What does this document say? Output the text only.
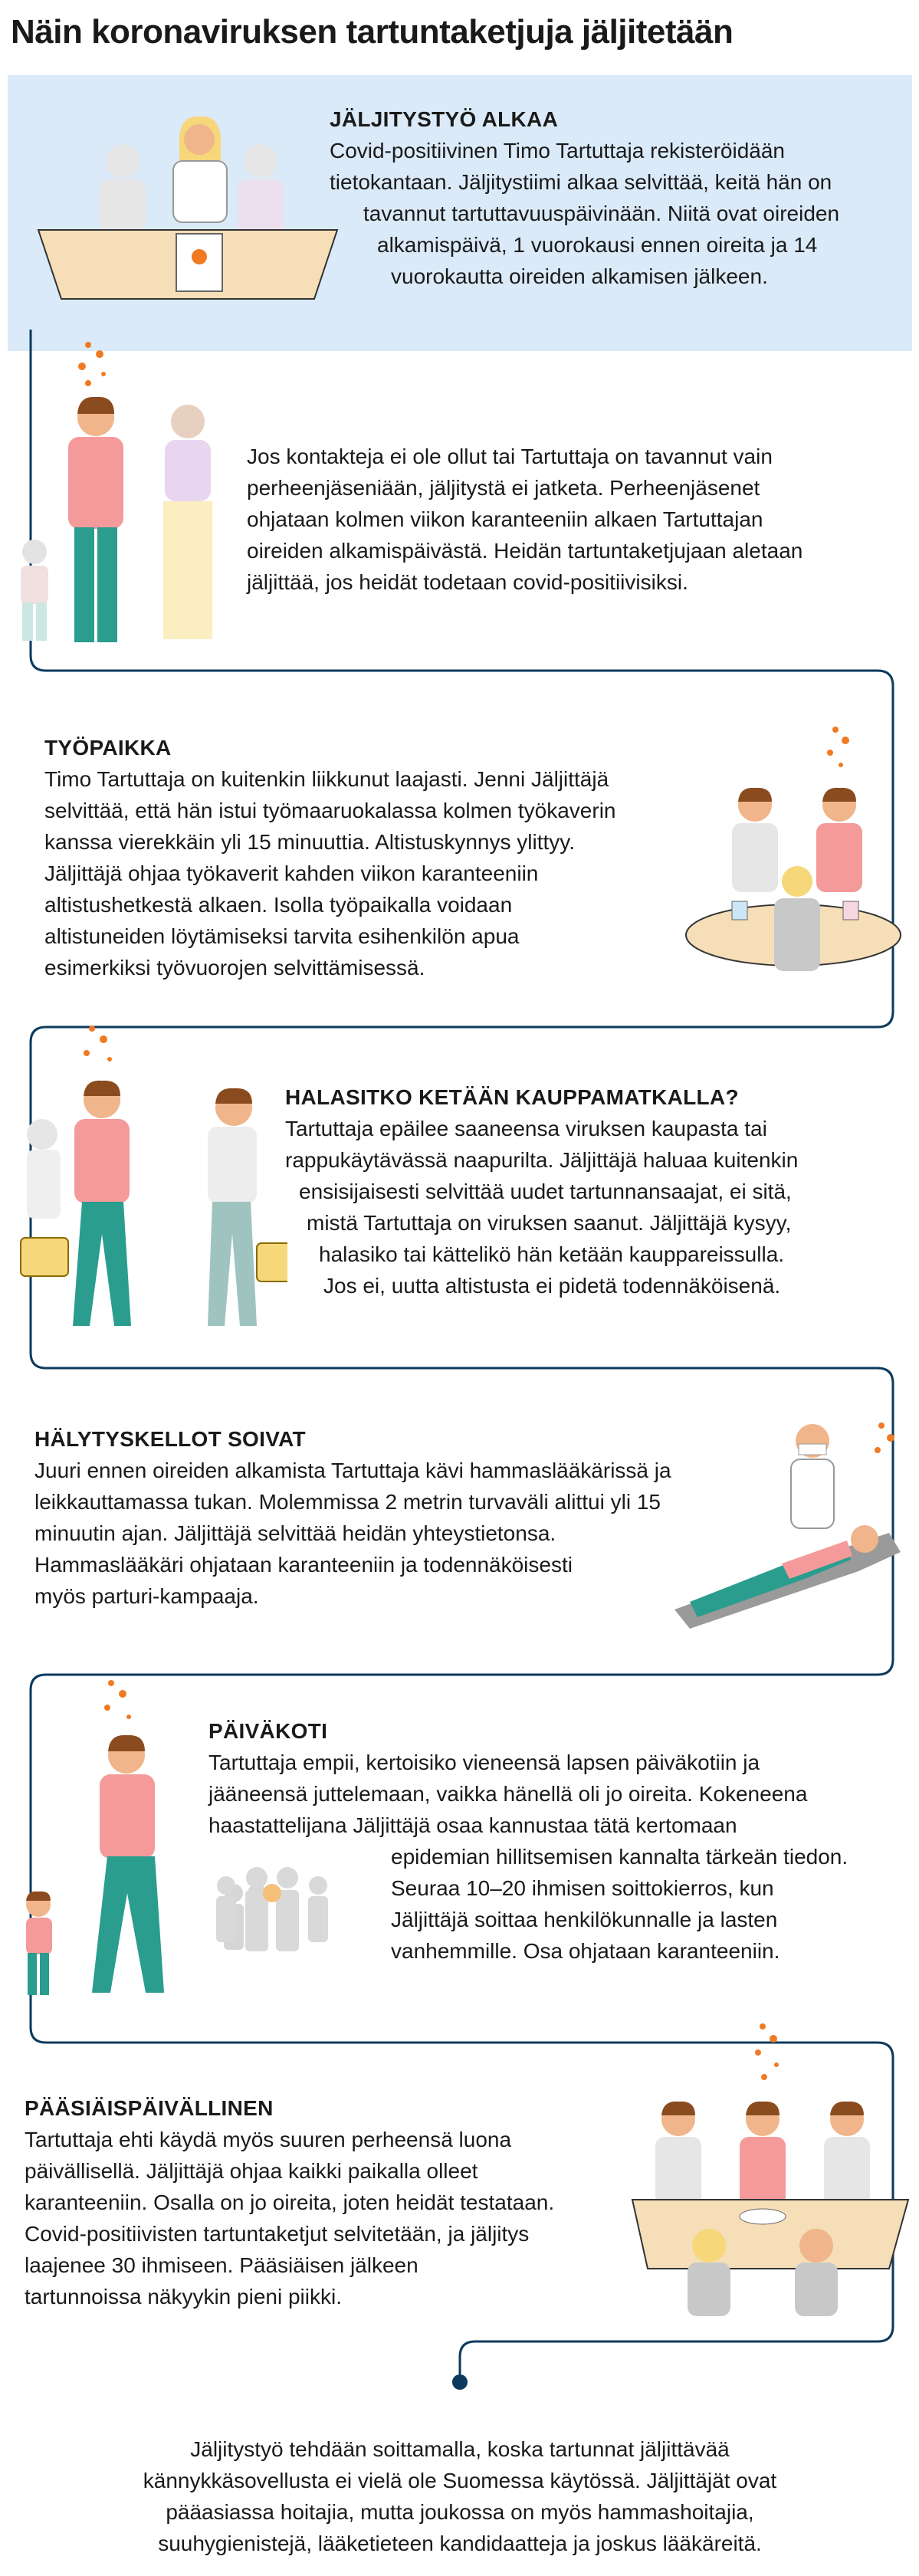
Näin koronaviruksen tartuntaketjuja jäljitetään
JÄLJITYSTYÖ ALKAA
Covid-positiivinen Timo Tartuttaja rekisteröidään
tietokantaan. Jäljitystiimi alkaa selvittää, keitä hän on
tavannut tartuttavuuspäivinään. Niitä ovat oireiden
alkamispäivä, 1 vuorokausi ennen oireita ja 14
vuorokautta oireiden alkamisen jälkeen.
Jos kontakteja ei ole ollut tai Tartuttaja on tavannut vain
perheenjäseniään, jäljitystä ei jatketa. Perheenjäsenet
ohjataan kolmen viikon karanteeniin alkaen Tartuttajan
oireiden alkamispäivästä. Heidän tartuntaketjujaan aletaan
jäljittää, jos heidät todetaan covid-positiivisiksi.
TYÖPAIKKA
Timo Tartuttaja on kuitenkin liikkunut laajasti. Jenni Jäljittäjä
selvittää, että hän istui työmaaruokalassa kolmen työkaverin
kanssa vierekkäin yli 15 minuuttia. Altistuskynnys ylittyy.
Jäljittäjä ohjaa työkaverit kahden viikon karanteeniin
altistushetkestä alkaen. Isolla työpaikalla voidaan
altistuneiden löytämiseksi tarvita esihenkilön apua
esimerkiksi työvuorojen selvittämisessä.
HALASITKO KETÄÄN KAUPPAMATKALLA?
Tartuttaja epäilee saaneensa viruksen kaupasta tai
rappukäytävässä naapurilta. Jäljittäjä haluaa kuitenkin
ensisijaisesti selvittää uudet tartunnansaajat, ei sitä,
mistä Tartuttaja on viruksen saanut. Jäljittäjä kysyy,
halasiko tai kättelikö hän ketään kauppareissulla.
Jos ei, uutta altistusta ei pidetä todennäköisenä.
HÄLYTYSKELLOT SOIVAT
Juuri ennen oireiden alkamista Tartuttaja kävi hammaslääkärissä ja
leikkauttamassa tukan. Molemmissa 2 metrin turvaväli alittui yli 15
minuutin ajan. Jäljittäjä selvittää heidän yhteystietonsa.
Hammaslääkäri ohjataan karanteeniin ja todennäköisesti
myös parturi-kampaaja.
PÄIVÄKOTI
Tartuttaja empii, kertoisiko vieneensä lapsen päiväkotiin ja
jääneensä juttelemaan, vaikka hänellä oli jo oireita. Kokeneena
haastattelijana Jäljittäjä osaa kannustaa tätä kertomaan
epidemian hillitsemisen kannalta tärkeän tiedon.
Seuraa 10–20 ihmisen soittokierros, kun
Jäljittäjä soittaa henkilökunnalle ja lasten
vanhemmille. Osa ohjataan karanteeniin.
PÄÄSIÄISPÄIVÄLLINEN
Tartuttaja ehti käydä myös suuren perheensä luona
päivällisellä. Jäljittäjä ohjaa kaikki paikalla olleet
karanteeniin. Osalla on jo oireita, joten heidät testataan.
Covid-positiivisten tartuntaketjut selvitetään, ja jäljitys
laajenee 30 ihmiseen. Pääsiäisen jälkeen
tartunnoissa näkyykin pieni piikki.
Jäljitystyö tehdään soittamalla, koska tartunnat jäljittävää
kännykkäsovellusta ei vielä ole Suomessa käytössä. Jäljittäjät ovat
pääasiassa hoitajia, mutta joukossa on myös hammashoitajia,
suuhygienistejä, lääketieteen kandidaatteja ja joskus lääkäreitä.
